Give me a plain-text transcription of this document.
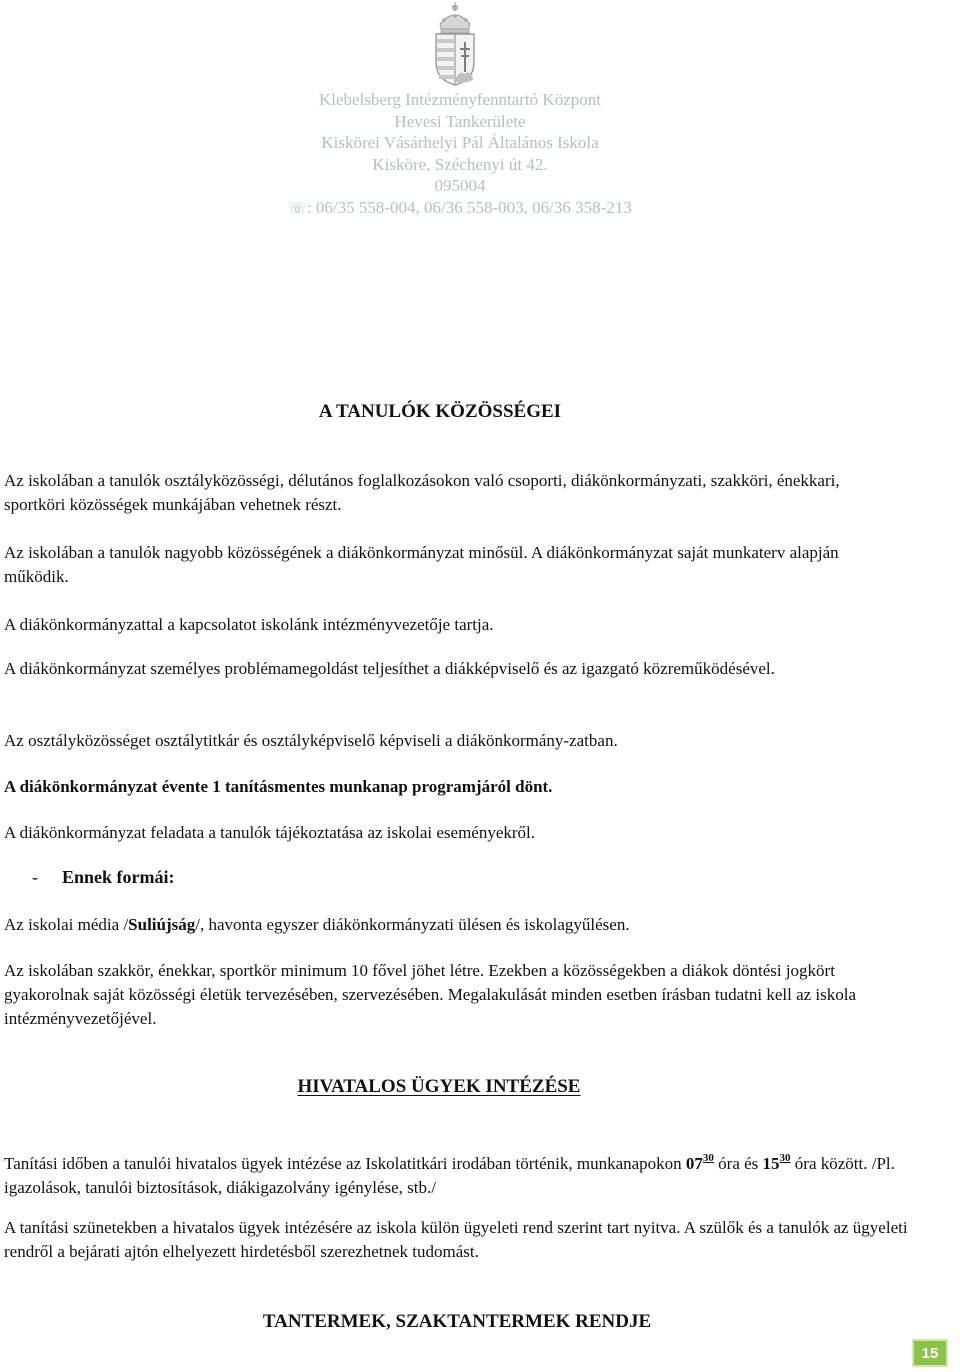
Klebelsberg Intézményfenntartó Központ
Hevesi Tankerülete
Kiskörei Vásárhelyi Pál Általános Iskola
Kisköre, Széchenyi út 42.
095004
☏: 06/35 558-004, 06/36 558-003, 06/36 358-213
A TANULÓK KÖZÖSSÉGEI
Az iskolában a tanulók osztályközösségi, délutános foglalkozásokon való csoporti, diákönkormányzati, szakköri, énekkari, sportköri közösségek munkájában vehetnek részt.
Az iskolában a tanulók nagyobb közösségének a diákönkormányzat minősül. A diákönkormányzat saját munkaterv alapján működik.
A diákönkormányzattal a kapcsolatot iskolánk intézményvezetője tartja.
A diákönkormányzat személyes problémamegoldást teljesíthet a diákképviselő és az igazgató közreműködésével.
Az osztályközösséget osztálytitkár és osztályképviselő képviseli a diákönkormány-zatban.
A diákönkormányzat évente 1 tanításmentes munkanap programjáról dönt.
A diákönkormányzat feladata a tanulók tájékoztatása az iskolai eseményekről.
- Ennek formái:
Az iskolai média /Suliújság/, havonta egyszer diákönkormányzati ülésen és iskolagyűlésen.
Az iskolában szakkör, énekkar, sportkör minimum 10 fővel jöhet létre. Ezekben a közösségekben a diákok döntési jogkört gyakorolnak saját közösségi életük tervezésében, szervezésében. Megalakulását minden esetben írásban tudatni kell az iskola intézményvezetőjével.
HIVATALOS ÜGYEK INTÉZÉSE
Tanítási időben a tanulói hivatalos ügyek intézése az Iskolatitkári irodában történik, munkanapokon $07^{30}$ óra és $15^{30}$ óra között. /Pl. igazolások, tanulói biztosítások, diákigazolvány igénylése, stb./
A tanítási szünetekben a hivatalos ügyek intézésére az iskola külön ügyeleti rend szerint tart nyitva. A szülők és a tanulók az ügyeleti rendről a bejárati ajtón elhelyezett hirdetésből szerezhetnek tudomást.
TANTERMEK, SZAKTANTERMEK RENDJE
15
